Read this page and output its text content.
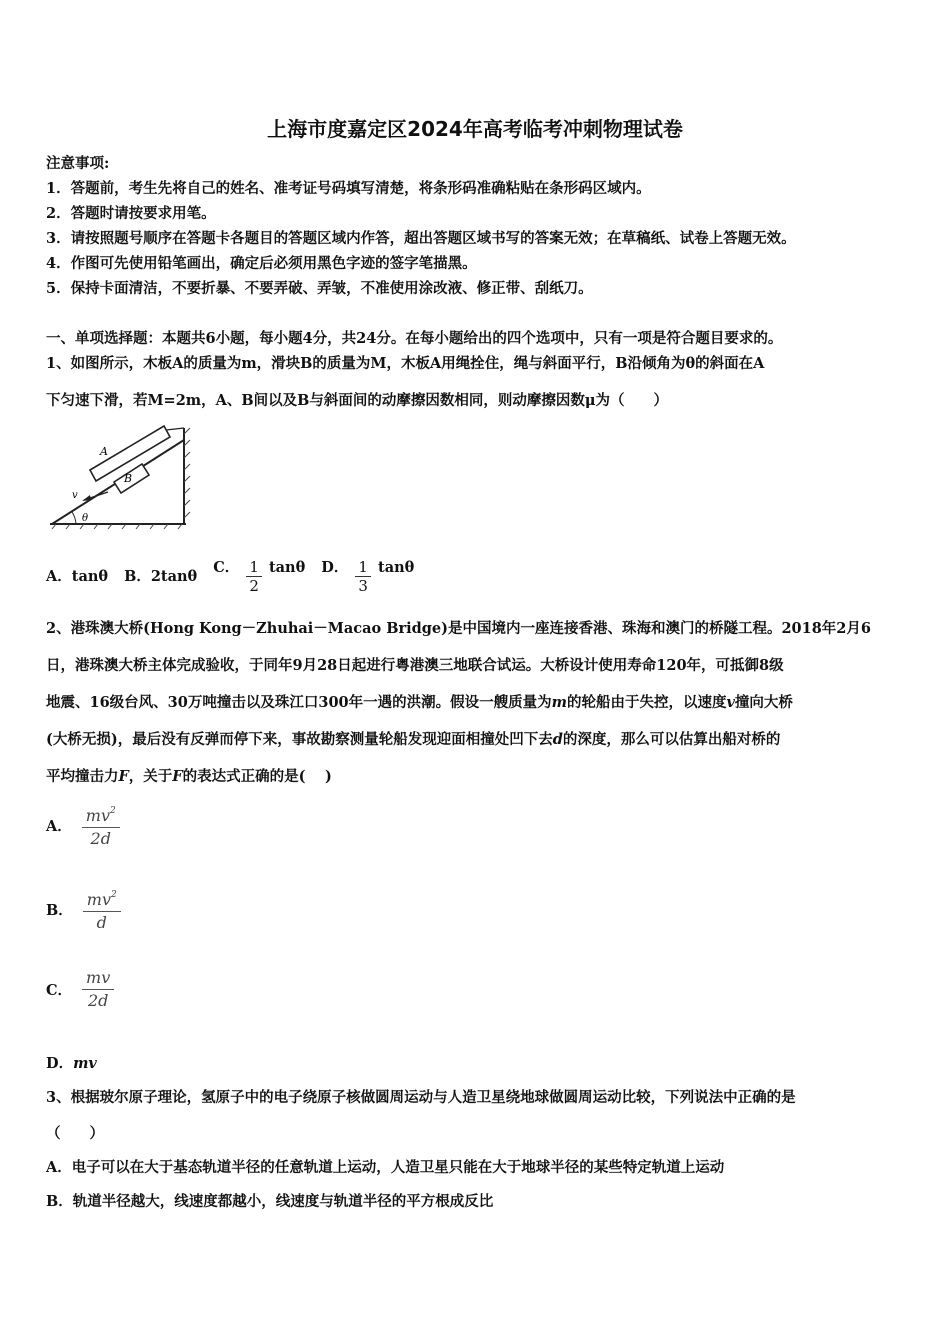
上海市度嘉定区2024年高考临考冲刺物理试卷
注意事项:
1．答题前，考生先将自己的姓名、准考证号码填写清楚，将条形码准确粘贴在条形码区域内。
2．答题时请按要求用笔。
3．请按照题号顺序在答题卡各题目的答题区域内作答，超出答题区域书写的答案无效；在草稿纸、试卷上答题无效。
4．作图可先使用铅笔画出，确定后必须用黑色字迹的签字笔描黑。
5．保持卡面清洁，不要折暴、不要弄破、弄皱，不准使用涂改液、修正带、刮纸刀。
一、单项选择题：本题共6小题，每小题4分，共24分。在每小题给出的四个选项中，只有一项是符合题目要求的。
1、如图所示，木板A的质量为m，滑块B的质量为M，木板A用绳拴住，绳与斜面平行，B沿倾角为θ的斜面在A
下匀速下滑，若M=2m，A、B间以及B与斜面间的动摩擦因数相同，则动摩擦因数μ为（　　）
A
B
v
θ
A．tanθ B．2tanθ
C． $\frac{1}{2}$ tanθ D． $\frac{1}{3}$ tanθ
2、港珠澳大桥(Hong Kong－Zhuhai－Macao Bridge)是中国境内一座连接香港、珠海和澳门的桥隧工程。2018年2月6
日，港珠澳大桥主体完成验收，于同年9月28日起进行粤港澳三地联合试运。大桥设计使用寿命120年，可抵御8级
地震、16级台风、30万吨撞击以及珠江口300年一遇的洪潮。假设一艘质量为m的轮船由于失控，以速度v撞向大桥
(大桥无损)，最后没有反弹而停下来，事故勘察测量轮船发现迎面相撞处凹下去d的深度，那么可以估算出船对桥的
平均撞击力F，关于F的表达式正确的是(　 )
A． $\frac{mv^2}{2d}$
B． $\frac{mv^2}{d}$
C． $\frac{mv}{2d}$
D．mv
3、根据玻尔原子理论，氢原子中的电子绕原子核做圆周运动与人造卫星绕地球做圆周运动比较，下列说法中正确的是
（　　）
A．电子可以在大于基态轨道半径的任意轨道上运动，人造卫星只能在大于地球半径的某些特定轨道上运动
B．轨道半径越大，线速度都越小，线速度与轨道半径的平方根成反比
